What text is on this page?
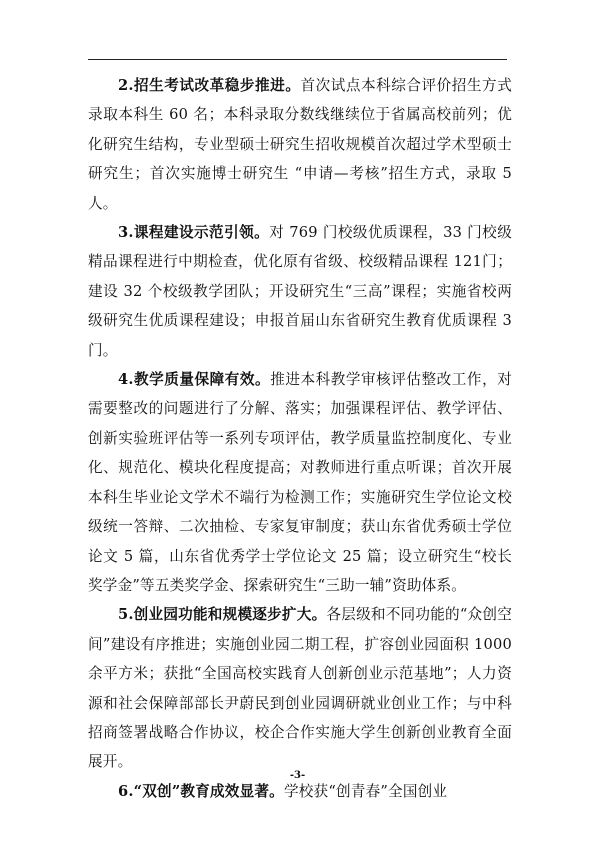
2.招生考试改革稳步推进。首次试点本科综合评价招生方式录取本科生 60 名；本科录取分数线继续位于省属高校前列；优化研究生结构，专业型硕士研究生招收规模首次超过学术型硕士研究生；首次实施博士研究生 “申请—考核”招生方式，录取 5 人。

3.课程建设示范引领。对 769 门校级优质课程，33 门校级精品课程进行中期检查，优化原有省级、校级精品课程 121门；建设 32 个校级教学团队；开设研究生“三高”课程；实施省校两级研究生优质课程建设；申报首届山东省研究生教育优质课程 3 门。

4.教学质量保障有效。推进本科教学审核评估整改工作，对需要整改的问题进行了分解、落实；加强课程评估、教学评估、创新实验班评估等一系列专项评估，教学质量监控制度化、专业化、规范化、模块化程度提高；对教师进行重点听课；首次开展本科生毕业论文学术不端行为检测工作；实施研究生学位论文校级统一答辩、二次抽检、专家复审制度；获山东省优秀硕士学位论文 5 篇，山东省优秀学士学位论文 25 篇；设立研究生“校长奖学金”等五类奖学金、探索研究生“三助一辅”资助体系。

5.创业园功能和规模逐步扩大。各层级和不同功能的“众创空间”建设有序推进；实施创业园二期工程，扩容创业园面积 1000 余平方米；获批“全国高校实践育人创新创业示范基地”；人力资源和社会保障部部长尹蔚民到创业园调研就业创业工作；与中科招商签署战略合作协议，校企合作实施大学生创新创业教育全面展开。

6.“双创”教育成效显著。学校获“创青春”全国创业

-3-
